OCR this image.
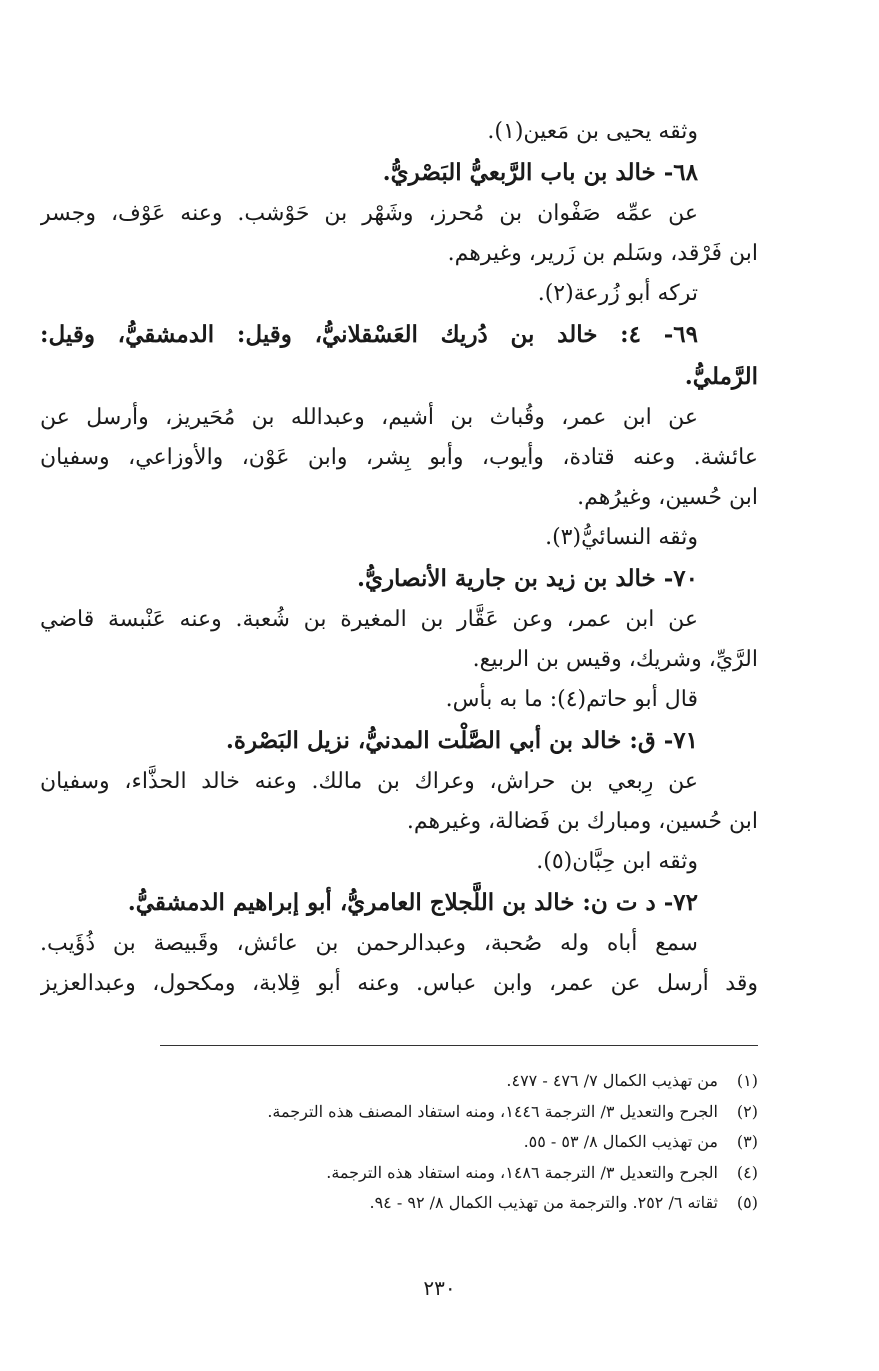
وثقه يحيى بن مَعين(١).
٦٨- خالد بن باب الرَّبعيُّ البَصْريُّ.
عن عمِّه صَفْوان بن مُحرز، وشَهْر بن حَوْشب. وعنه عَوْف، وجسر
ابن فَرْقد، وسَلم بن زَرير، وغيرهم.
تركه أبو زُرعة(٢).
٦٩- ٤: خالد بن دُريك العَسْقلانيُّ، وقيل: الدمشقيُّ، وقيل:
الرَّمليُّ.
عن ابن عمر، وقُباث بن أشيم، وعبدالله بن مُحَيريز، وأرسل عن
عائشة. وعنه قتادة، وأيوب، وأبو بِشر، وابن عَوْن، والأوزاعي، وسفيان
ابن حُسين، وغيرُهم.
وثقه النسائيُّ(٣).
٧٠- خالد بن زيد بن جارية الأنصاريُّ.
عن ابن عمر، وعن عَقَّار بن المغيرة بن شُعبة. وعنه عَنْبسة قاضي
الرَّيِّ، وشريك، وقيس بن الربيع.
قال أبو حاتم(٤): ما به بأس.
٧١- ق: خالد بن أبي الصَّلْت المدنيُّ، نزيل البَصْرة.
عن رِبعي بن حراش، وعراك بن مالك. وعنه خالد الحذَّاء، وسفيان
ابن حُسين، ومبارك بن فَضالة، وغيرهم.
وثقه ابن حِبَّان(٥).
٧٢- د ت ن: خالد بن اللَّجلاج العامريُّ، أبو إبراهيم الدمشقيُّ.
سمع أباه وله صُحبة، وعبدالرحمن بن عائش، وقَبيصة بن ذُؤَيب.
وقد أرسل عن عمر، وابن عباس. وعنه أبو قِلابة، ومكحول، وعبدالعزيز
(١)من تهذيب الكمال ٧/ ٤٧٦ - ٤٧٧.
(٢)الجرح والتعديل ٣/ الترجمة ١٤٤٦، ومنه استفاد المصنف هذه الترجمة.
(٣)من تهذيب الكمال ٨/ ٥٣ - ٥٥.
(٤)الجرح والتعديل ٣/ الترجمة ١٤٨٦، ومنه استفاد هذه الترجمة.
(٥)ثقاته ٦/ ٢٥٢. والترجمة من تهذيب الكمال ٨/ ٩٢ - ٩٤.
٢٣٠
